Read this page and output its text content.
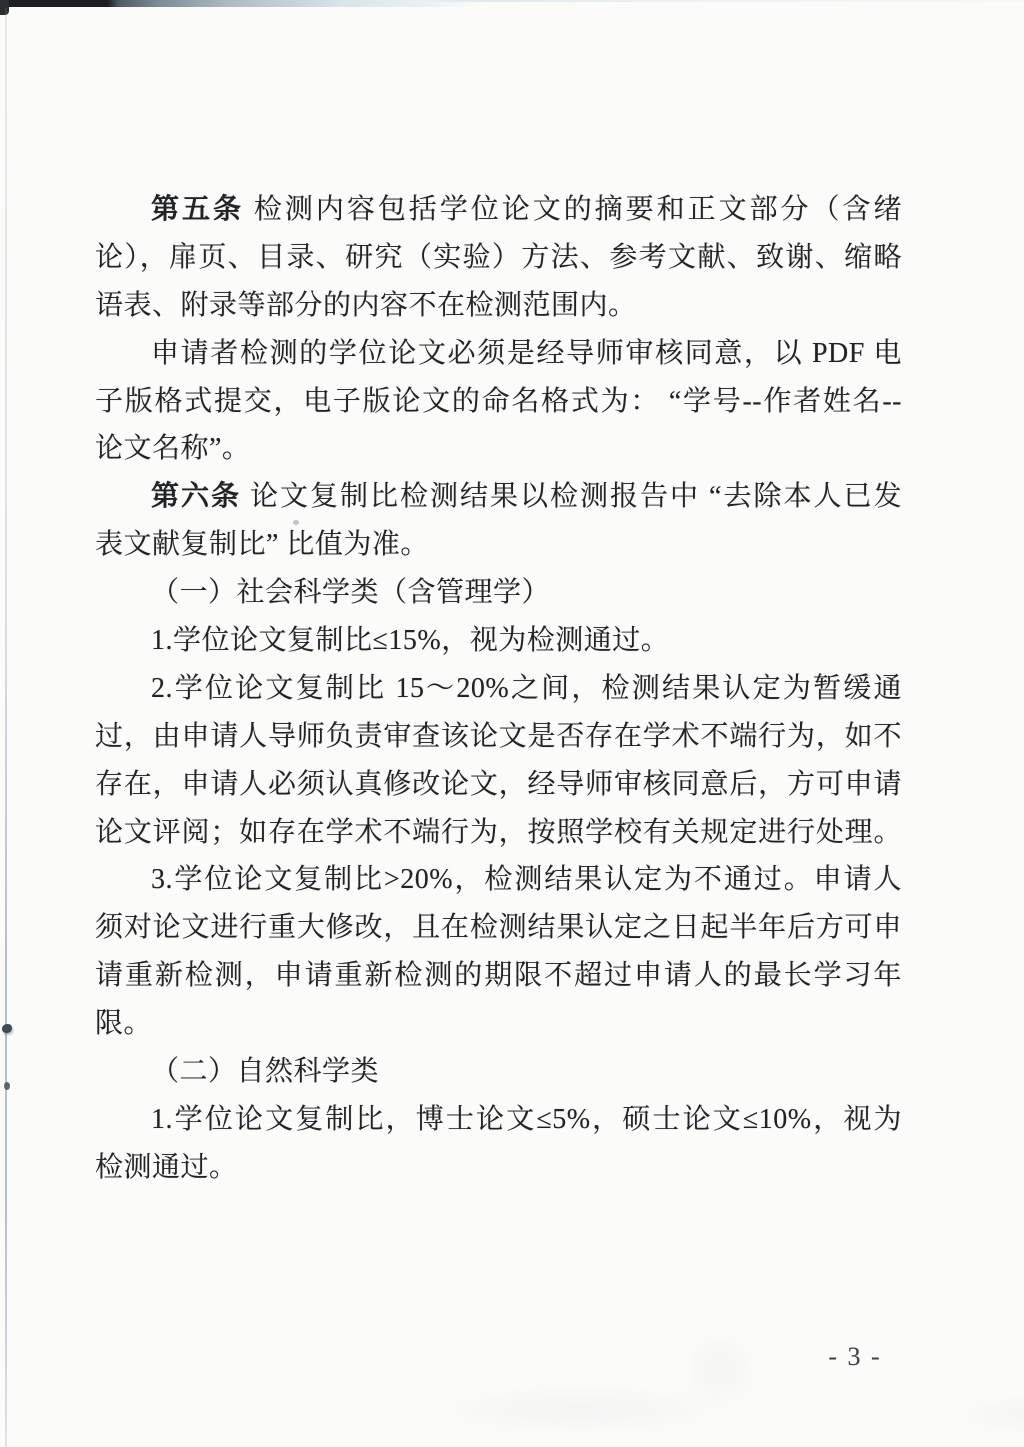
第五条 检测内容包括学位论文的摘要和正文部分（含绪
论），扉页、目录、研究（实验）方法、参考文献、致谢、缩略
语表、附录等部分的内容不在检测范围内。
申请者检测的学位论文必须是经导师审核同意，以 PDF 电
子版格式提交，电子版论文的命名格式为： “学号--作者姓名--
论文名称”。
第六条 论文复制比检测结果以检测报告中 “去除本人已发
表文献复制比” 比值为准。
（一）社会科学类（含管理学）
1.学位论文复制比≤15%，视为检测通过。
2.学位论文复制比 15～20%之间，检测结果认定为暂缓通
过，由申请人导师负责审查该论文是否存在学术不端行为，如不
存在，申请人必须认真修改论文，经导师审核同意后，方可申请
论文评阅；如存在学术不端行为，按照学校有关规定进行处理。
3.学位论文复制比>20%，检测结果认定为不通过。申请人
须对论文进行重大修改，且在检测结果认定之日起半年后方可申
请重新检测，申请重新检测的期限不超过申请人的最长学习年
限。
（二）自然科学类
1.学位论文复制比，博士论文≤5%，硕士论文≤10%，视为
检测通过。
- 3 -
